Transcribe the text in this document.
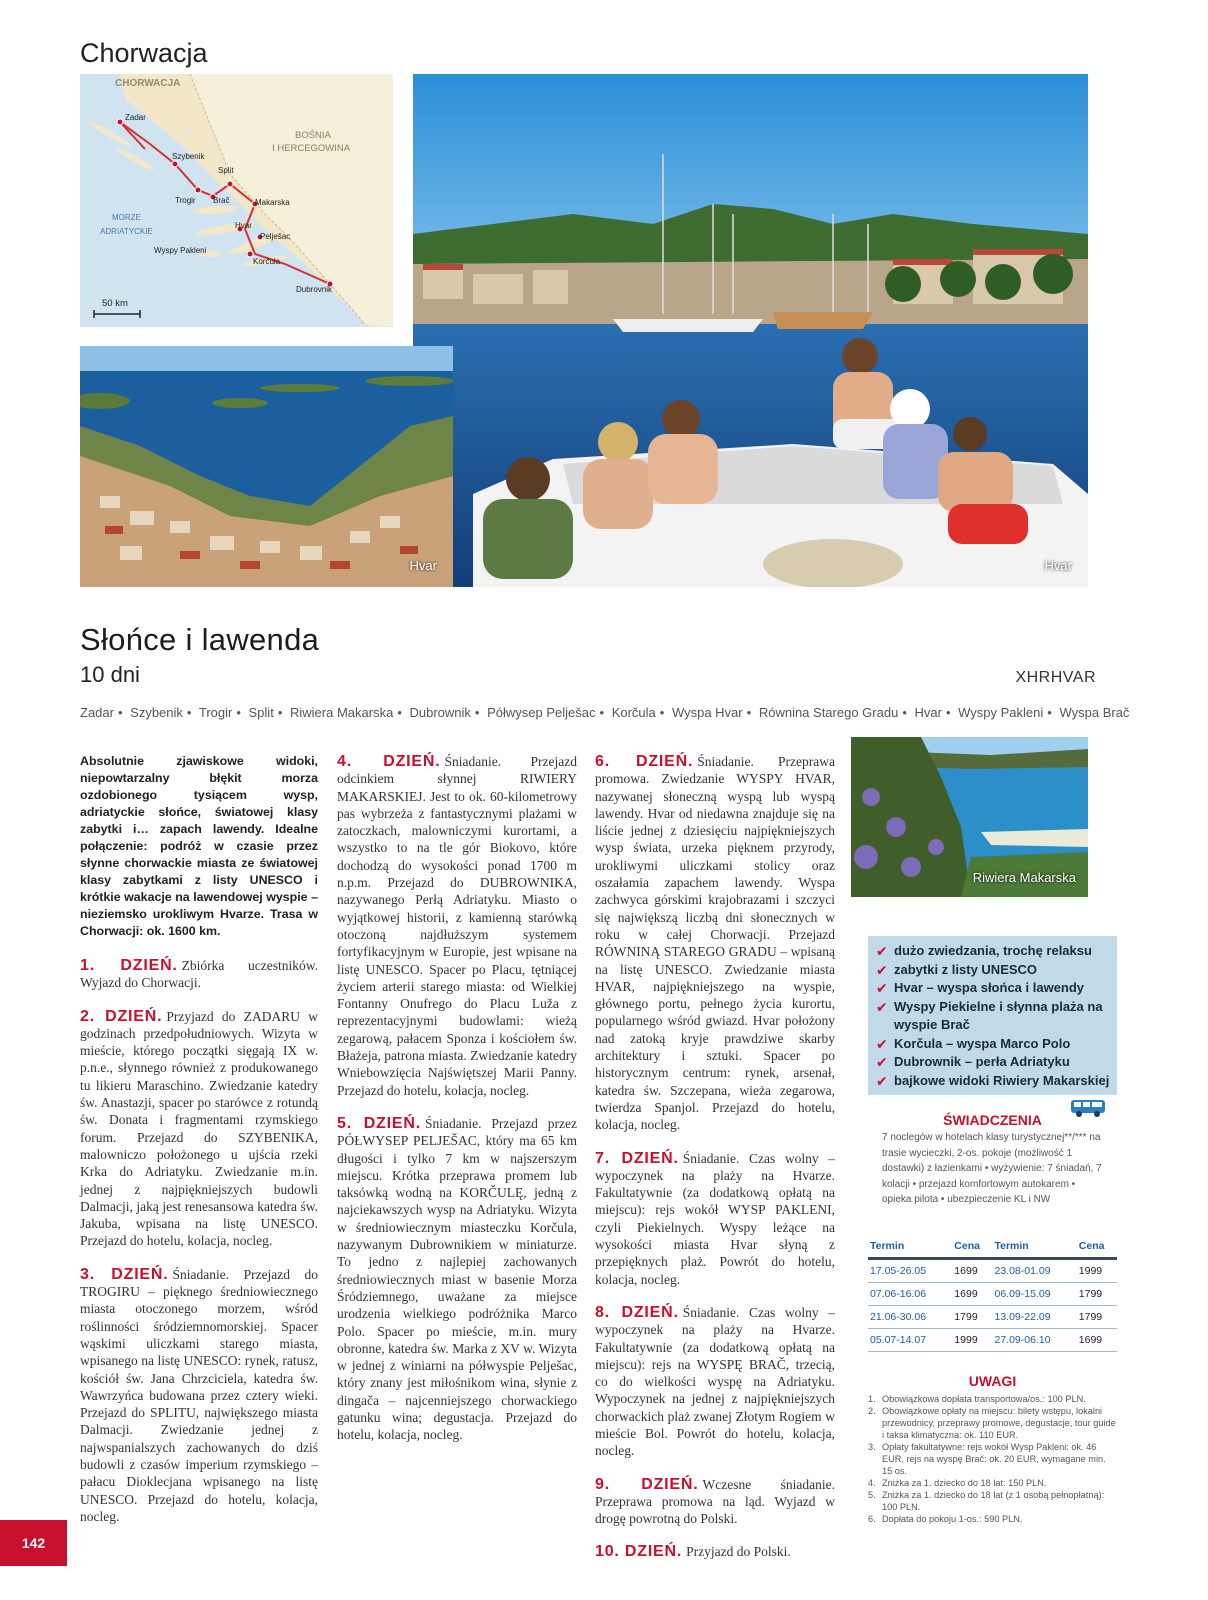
Chorwacja
CHORWACJA
BOŚNIA
I HERCEGOWINA
MORZE
ADRIATYCKIE
50 km
Zadar
Szybenik
Split
Trogir Brač	Makarska
Hvar
Pelješac
Wyspy Pakleni
Korčula
Dubrovnik
Hvar
Hvar
Słońce i lawenda
10 dni	XHRHVAR
Zadar • Szybenik • Trogir • Split • Riwiera Makarska • Dubrownik • Półwysep Pelješac • Korčula • Wyspa Hvar • Równina Starego Gradu • Hvar • Wyspy Pakleni • Wyspa Brač

Absolutnie zjawiskowe widoki, niepowtarzalny błękit morza ozdobionego tysiącem wysp, adriatyckie słońce, światowej klasy zabytki i… zapach lawendy. Idealne połączenie: podróż w czasie przez słynne chorwackie miasta ze światowej klasy zabytkami z listy UNESCO i krótkie wakacje na lawendowej wyspie – nieziemsko urokliwym Hvarze. Trasa w Chorwacji: ok. 1600 km.

1. DZIEŃ. Zbiórka uczestników. Wyjazd do Chorwacji.

2. DZIEŃ. Przyjazd do ZADARU w godzinach przedpołudniowych. Wizyta w mieście, którego początki sięgają IX w. p.n.e., słynnego również z produkowanego tu likieru Maraschino. Zwiedzanie katedry św. Anastazji, spacer po starówce z rotundą św. Donata i fragmentami rzymskiego forum. Przejazd do SZYBENIKA, malowniczo położonego u ujścia rzeki Krka do Adriatyku. Zwiedzanie m.in. jednej z najpiękniejszych budowli Dalmacji, jaką jest renesansowa katedra św. Jakuba, wpisana na listę UNESCO. Przejazd do hotelu, kolacja, nocleg.

3. DZIEŃ. Śniadanie. Przejazd do TROGIRU – pięknego średniowiecznego miasta otoczonego morzem, wśród roślinności śródziemnomorskiej. Spacer wąskimi uliczkami starego miasta, wpisanego na listę UNESCO: rynek, ratusz, kościół św. Jana Chrzciciela, katedra św. Wawrzyńca budowana przez cztery wieki. Przejazd do SPLITU, największego miasta Dalmacji. Zwiedzanie jednej z najwspanialszych zachowanych do dziś budowli z czasów imperium rzymskiego – pałacu Dioklecjana wpisanego na listę UNESCO. Przejazd do hotelu, kolacja, nocleg.

4. DZIEŃ. Śniadanie. Przejazd odcinkiem słynnej RIWIERY MAKARSKIEJ. Jest to ok. 60-kilometrowy pas wybrzeża z fantastycznymi plażami w zatoczkach, malowniczymi kurortami, a wszystko to na tle gór Biokovo, które dochodzą do wysokości ponad 1700 m n.p.m. Przejazd do DUBROWNIKA, nazywanego Perłą Adriatyku. Miasto o wyjątkowej historii, z kamienną starówką otoczoną najdłuższym systemem fortyfikacyjnym w Europie, jest wpisane na listę UNESCO. Spacer po Placu, tętniącej życiem arterii starego miasta: od Wielkiej Fontanny Onufrego do Placu Luža z reprezentacyjnymi budowlami: wieżą zegarową, pałacem Sponza i kościołem św. Błażeja, patrona miasta. Zwiedzanie katedry Wniebowzięcia Najświętszej Marii Panny. Przejazd do hotelu, kolacja, nocleg.

5. DZIEŃ. Śniadanie. Przejazd przez PÓŁWYSEP PELJEŠAC, który ma 65 km długości i tylko 7 km w najszerszym miejscu. Krótka przeprawa promem lub taksówką wodną na KORČULĘ, jedną z najciekawszych wysp na Adriatyku. Wizyta w średniowiecznym miasteczku Korčula, nazywanym Dubrownikiem w miniaturze. To jedno z najlepiej zachowanych średniowiecznych miast w basenie Morza Śródziemnego, uważane za miejsce urodzenia wielkiego podróżnika Marco Polo. Spacer po mieście, m.in. mury obronne, katedra św. Marka z XV w. Wizyta w jednej z winiarni na półwyspie Pelješac, który znany jest miłośnikom wina, słynie z dingača – najcenniejszego chorwackiego gatunku wina; degustacja. Przejazd do hotelu, kolacja, nocleg.

6. DZIEŃ. Śniadanie. Przeprawa promowa. Zwiedzanie WYSPY HVAR, nazywanej słoneczną wyspą lub wyspą lawendy. Hvar od niedawna znajduje się na liście jednej z dziesięciu najpiękniejszych wysp świata, urzeka pięknem przyrody, urokliwymi uliczkami stolicy oraz oszałamia zapachem lawendy. Wyspa zachwyca górskimi krajobrazami i szczyci się największą liczbą dni słonecznych w roku w całej Chorwacji. Przejazd RÓWNINĄ STAREGO GRADU – wpisaną na listę UNESCO. Zwiedzanie miasta HVAR, najpiękniejszego na wyspie, głównego portu, pełnego życia kurortu, popularnego wśród gwiazd. Hvar położony nad zatoką kryje prawdziwe skarby architektury i sztuki. Spacer po historycznym centrum: rynek, arsenał, katedra św. Szczepana, wieża zegarowa, twierdza Spanjol. Przejazd do hotelu, kolacja, nocleg.

7. DZIEŃ. Śniadanie. Czas wolny – wypoczynek na plaży na Hvarze. Fakultatywnie (za dodatkową opłatą na miejscu): rejs wokół WYSP PAKLENI, czyli Piekielnych. Wyspy leżące na wysokości miasta Hvar słyną z przepięknych plaż. Powrót do hotelu, kolacja, nocleg.

8. DZIEŃ. Śniadanie. Czas wolny – wypoczynek na plaży na Hvarze. Fakultatywnie (za dodatkową opłatą na miejscu): rejs na WYSPĘ BRAČ, trzecią, co do wielkości wyspę na Adriatyku. Wypoczynek na jednej z najpiękniejszych chorwackich plaż zwanej Złotym Rogiem w mieście Bol. Powrót do hotelu, kolacja, nocleg.

9. DZIEŃ. Wczesne śniadanie. Przeprawa promowa na ląd. Wyjazd w drogę powrotną do Polski.

10. DZIEŃ. Przyjazd do Polski.

Riwiera Makarska
✔ dużo zwiedzania, trochę relaksu
✔ zabytki z listy UNESCO
✔ Hvar – wyspa słońca i lawendy
✔ Wyspy Piekielne i słynna plaża na wyspie Brač
✔ Korčula – wyspa Marco Polo
✔ Dubrownik – perła Adriatyku
✔ bajkowe widoki Riwiery Makarskiej
ŚWIADCZENIA
7 noclegów w hotelach klasy turystycznej**/*** na trasie wycieczki, 2-os. pokoje (możliwość 1 dostawki) z łazienkami • wyżywienie: 7 śniadań, 7 kolacji • przejazd komfortowym autokarem • opieka pilota • ubezpieczenie KL i NW
Termin	Cena	Termin	Cena
17.05-26.05	1699	23.08-01.09	1999
07.06-16.06	1699	06.09-15.09	1799
21.06-30.06	1799	13.09-22.09	1799
05.07-14.07	1999	27.09-06.10	1699
UWAGI
1. Obowiązkowa dopłata transportowa/os.: 100 PLN.
2. Obowiązkowe opłaty na miejscu: bilety wstępu, lokalni przewodnicy, przeprawy promowe, degustacje, tour guide i taksa klimatyczna: ok. 110 EUR.
3. Opłaty fakultatywne: rejs wokół Wysp Pakleni: ok. 46 EUR, rejs na wyspę Brač: ok. 20 EUR, wymagane min. 15 os.
4. Zniżka za 1. dziecko do 18 lat: 150 PLN.
5. Zniżka za 1. dziecko do 18 lat (z 1 osobą pełnopłatną): 100 PLN.
6. Dopłata do pokoju 1-os.: 590 PLN.
142
